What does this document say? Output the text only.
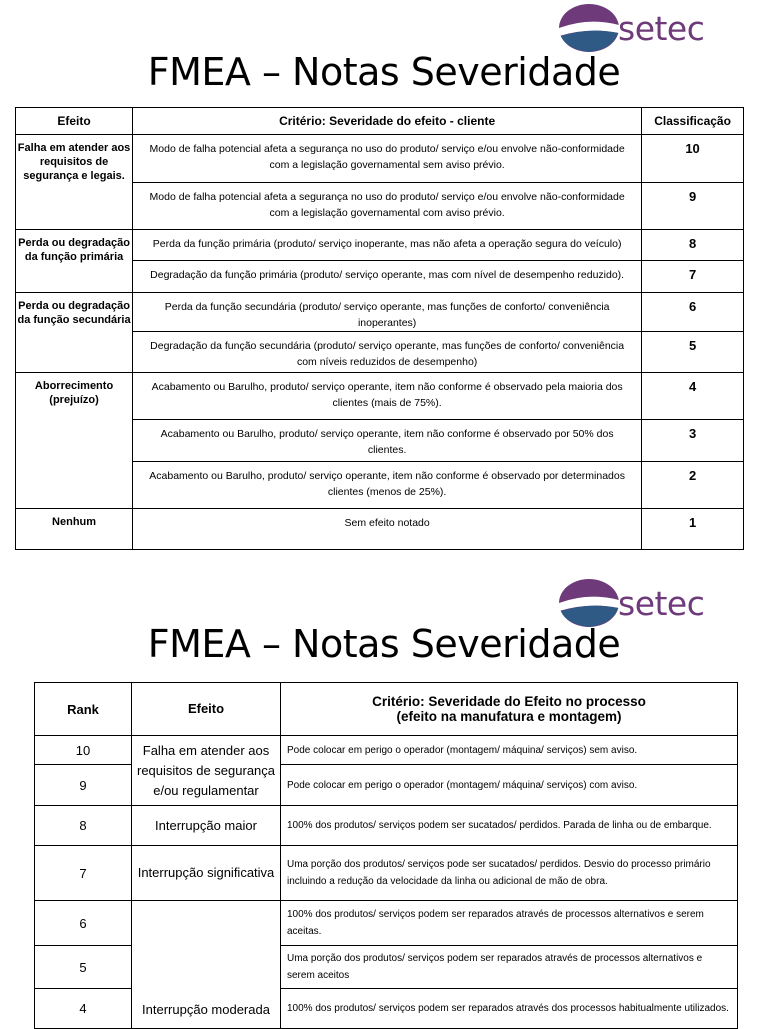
setec
FMEA – Notas Severidade
Efeito	Critério: Severidade do efeito - cliente	Classificação
Falha em atender aos requisitos de segurança e legais.	Modo de falha potencial afeta a segurança no uso do produto/ serviço e/ou envolve não-conformidade com a legislação governamental sem aviso prévio.	10
	Modo de falha potencial afeta a segurança no uso do produto/ serviço e/ou envolve não-conformidade com a legislação governamental com aviso prévio.	9
Perda ou degradação da função primária	Perda da função primária (produto/ serviço inoperante, mas não afeta a operação segura do veículo)	8
	Degradação da função primária (produto/ serviço operante, mas com nível de desempenho reduzido).	7
Perda ou degradação da função secundária	Perda da função secundária (produto/ serviço operante, mas funções de conforto/ conveniência inoperantes)	6
	Degradação da função secundária (produto/ serviço operante, mas funções de conforto/ conveniência com níveis reduzidos de desempenho)	5
Aborrecimento (prejuízo)	Acabamento ou Barulho, produto/ serviço operante, item não conforme é observado pela maioria dos clientes (mais de 75%).	4
	Acabamento ou Barulho, produto/ serviço operante, item não conforme é observado por 50% dos clientes.	3
	Acabamento ou Barulho, produto/ serviço operante, item não conforme é observado por determinados clientes (menos de 25%).	2
Nenhum	Sem efeito notado	1
setec
FMEA – Notas Severidade
Rank	Efeito	Critério: Severidade do Efeito no processo
(efeito na manufatura e montagem)

10	Falha em atender aos requisitos de segurança e/ou regulamentar	Pode colocar em perigo o operador (montagem/ máquina/ serviços) sem aviso.
9		Pode colocar em perigo o operador (montagem/ máquina/ serviços) com aviso.
8	Interrupção maior	100% dos produtos/ serviços podem ser sucatados/ perdidos. Parada de linha ou de embarque.
7	Interrupção significativa	Uma porção dos produtos/ serviços pode ser sucatados/ perdidos. Desvio do processo primário incluindo a redução da velocidade da linha ou adicional de mão de obra.
6	Interrupção moderada	100% dos produtos/ serviços podem ser reparados através de processos alternativos e serem aceitas.
5		Uma porção dos produtos/ serviços podem ser reparados através de processos alternativos e serem aceitos
4		100% dos produtos/ serviços podem ser reparados através dos processos habitualmente utilizados.
